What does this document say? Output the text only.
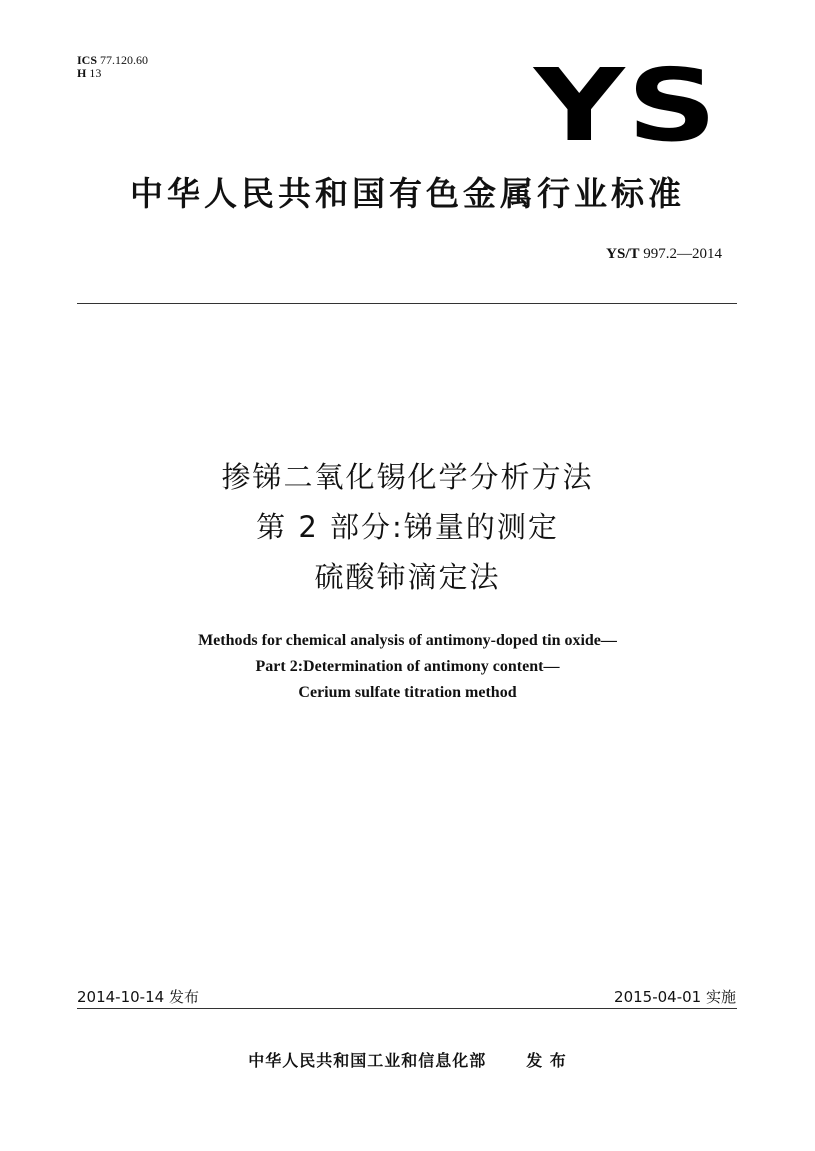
ICS 77.120.60
H 13	YS
中华人民共和国有色金属行业标准
YS/T 997.2—2014
掺锑二氧化锡化学分析方法
第 2 部分:锑量的测定
硫酸铈滴定法
Methods for chemical analysis of antimony-doped tin oxide—
Part 2:Determination of antimony content—
Cerium sulfate titration method
2014-10-14 发布	2015-04-01 实施
中华人民共和国工业和信息化部	发 布
